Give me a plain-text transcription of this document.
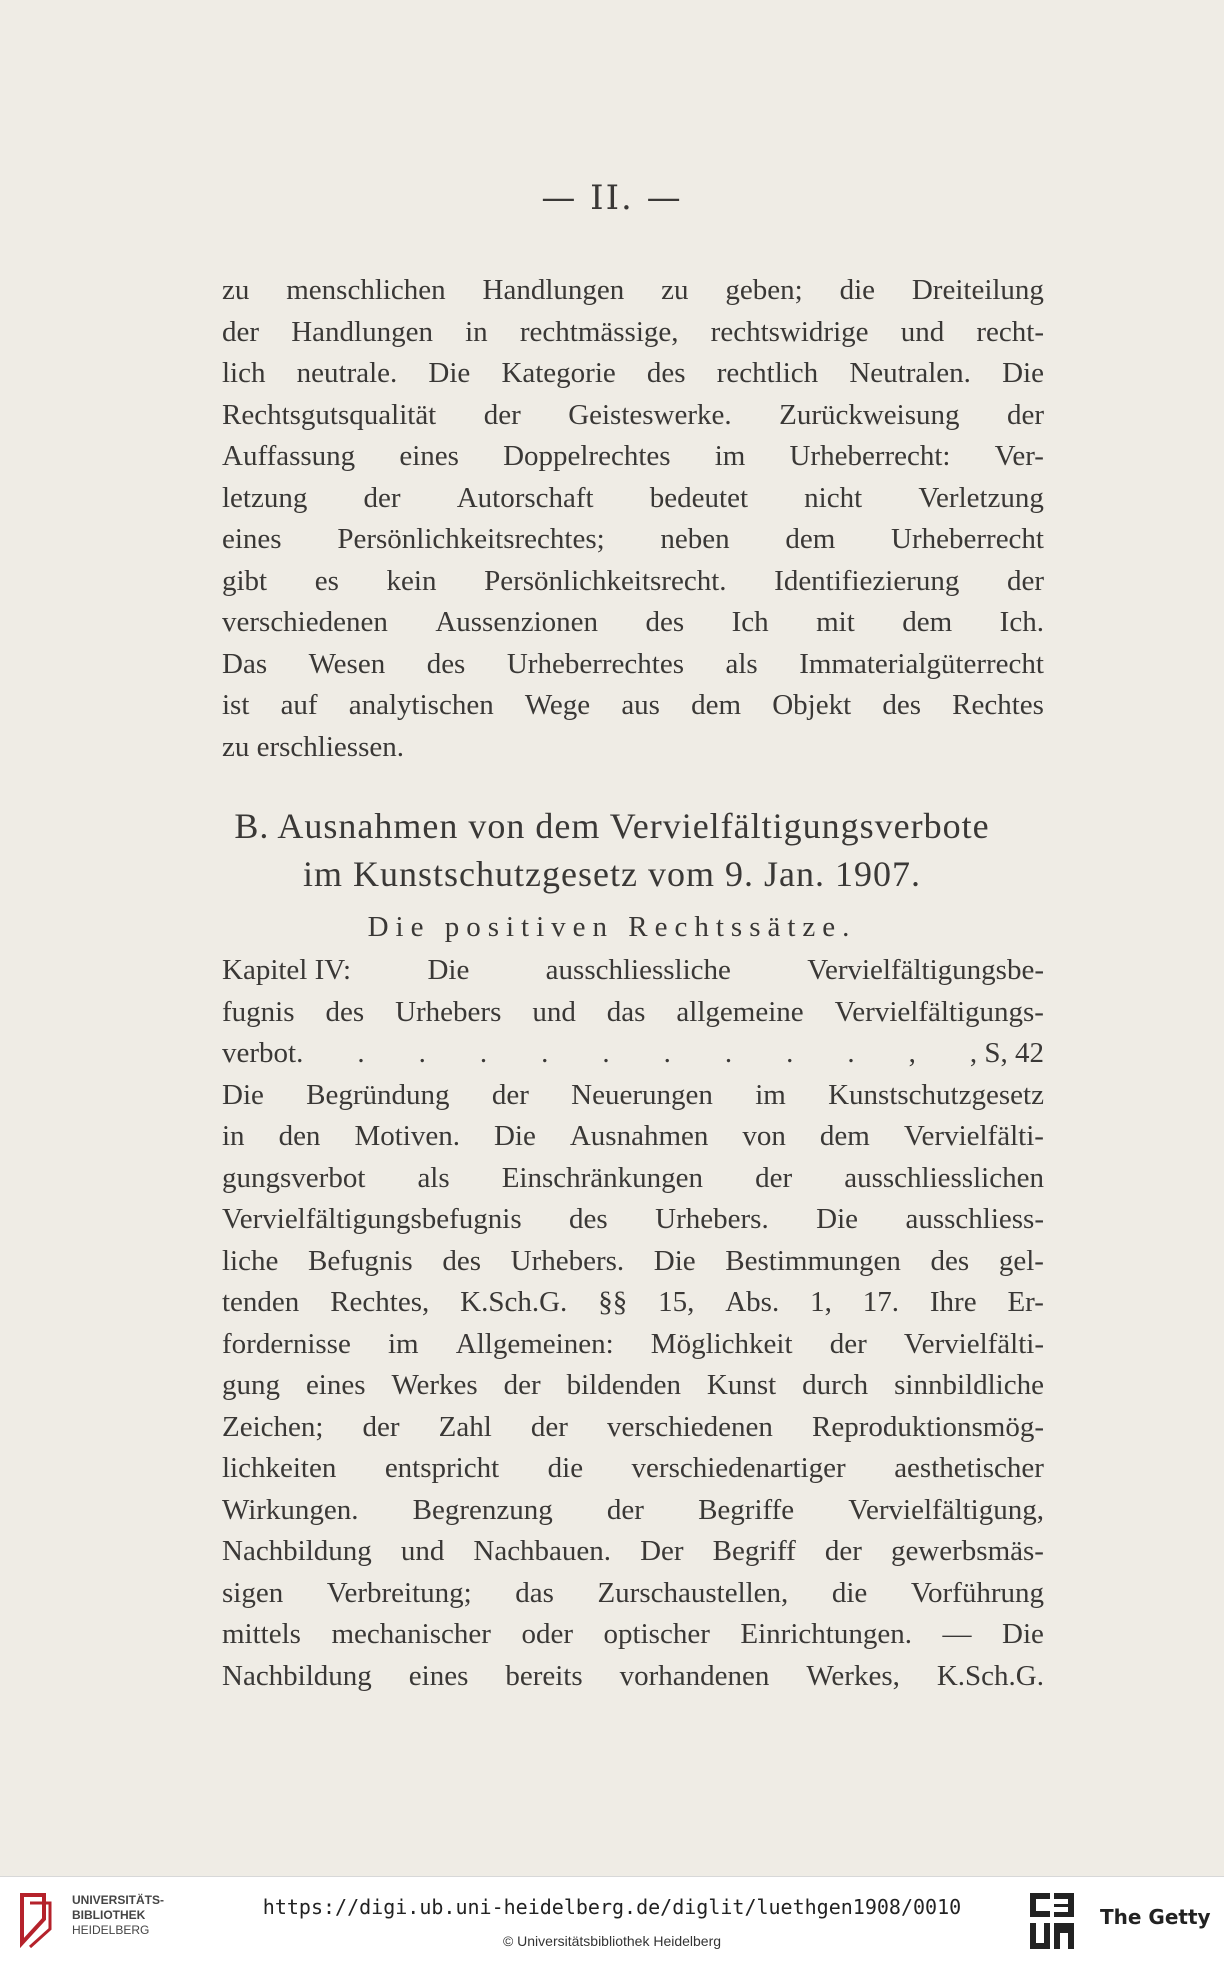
— II. —
zu menschlichen Handlungen zu geben; die Dreiteilung
der Handlungen in rechtmässige, rechtswidrige und recht-
lich neutrale. Die Kategorie des rechtlich Neutralen. Die
Rechtsgutsqualität der Geisteswerke. Zurückweisung der
Auffassung eines Doppelrechtes im Urheberrecht: Ver-
letzung der Autorschaft bedeutet nicht Verletzung
eines Persönlichkeitsrechtes; neben dem Urheberrecht
gibt es kein Persönlichkeitsrecht. Identifiezierung der
verschiedenen Aussenzionen des Ich mit dem Ich.
Das Wesen des Urheberrechtes als Immaterialgüterrecht
ist auf analytischen Wege aus dem Objekt des Rechtes
zu erschliessen.
B. Ausnahmen von dem Vervielfältigungsverbote
im Kunstschutzgesetz vom 9. Jan. 1907.
Die positiven Rechtssätze.
Kapitel IV:	Die	ausschliessliche	Vervielfältigungsbe-
fugnis des Urhebers und das allgemeine Vervielfältigungs-
verbot. . . . . . . . . . , , S, 42
Die Begründung der Neuerungen im Kunstschutzgesetz
in den Motiven. Die Ausnahmen von dem Vervielfälti-
gungsverbot als Einschränkungen der ausschliesslichen
Vervielfältigungsbefugnis des Urhebers. Die ausschliess-
liche Befugnis des Urhebers. Die Bestimmungen des gel-
tenden Rechtes, K.Sch.G. §§ 15, Abs. 1, 17. Ihre Er-
fordernisse im Allgemeinen: Möglichkeit der Vervielfälti-
gung eines Werkes der bildenden Kunst durch sinnbildliche
Zeichen; der Zahl der verschiedenen Reproduktionsmög-
lichkeiten entspricht die verschiedenartiger aesthetischer
Wirkungen. Begrenzung der Begriffe Vervielfältigung,
Nachbildung und Nachbauen. Der Begriff der gewerbsmäs-
sigen Verbreitung; das Zurschaustellen, die Vorführung
mittels mechanischer oder optischer Einrichtungen. — Die
Nachbildung eines bereits vorhandenen Werkes, K.Sch.G.
UNIVERSITÄTS-
BIBLIOTHEK
HEIDELBERG
https://digi.ub.uni-heidelberg.de/diglit/luethgen1908/0010
© Universitätsbibliothek Heidelberg
The Getty
